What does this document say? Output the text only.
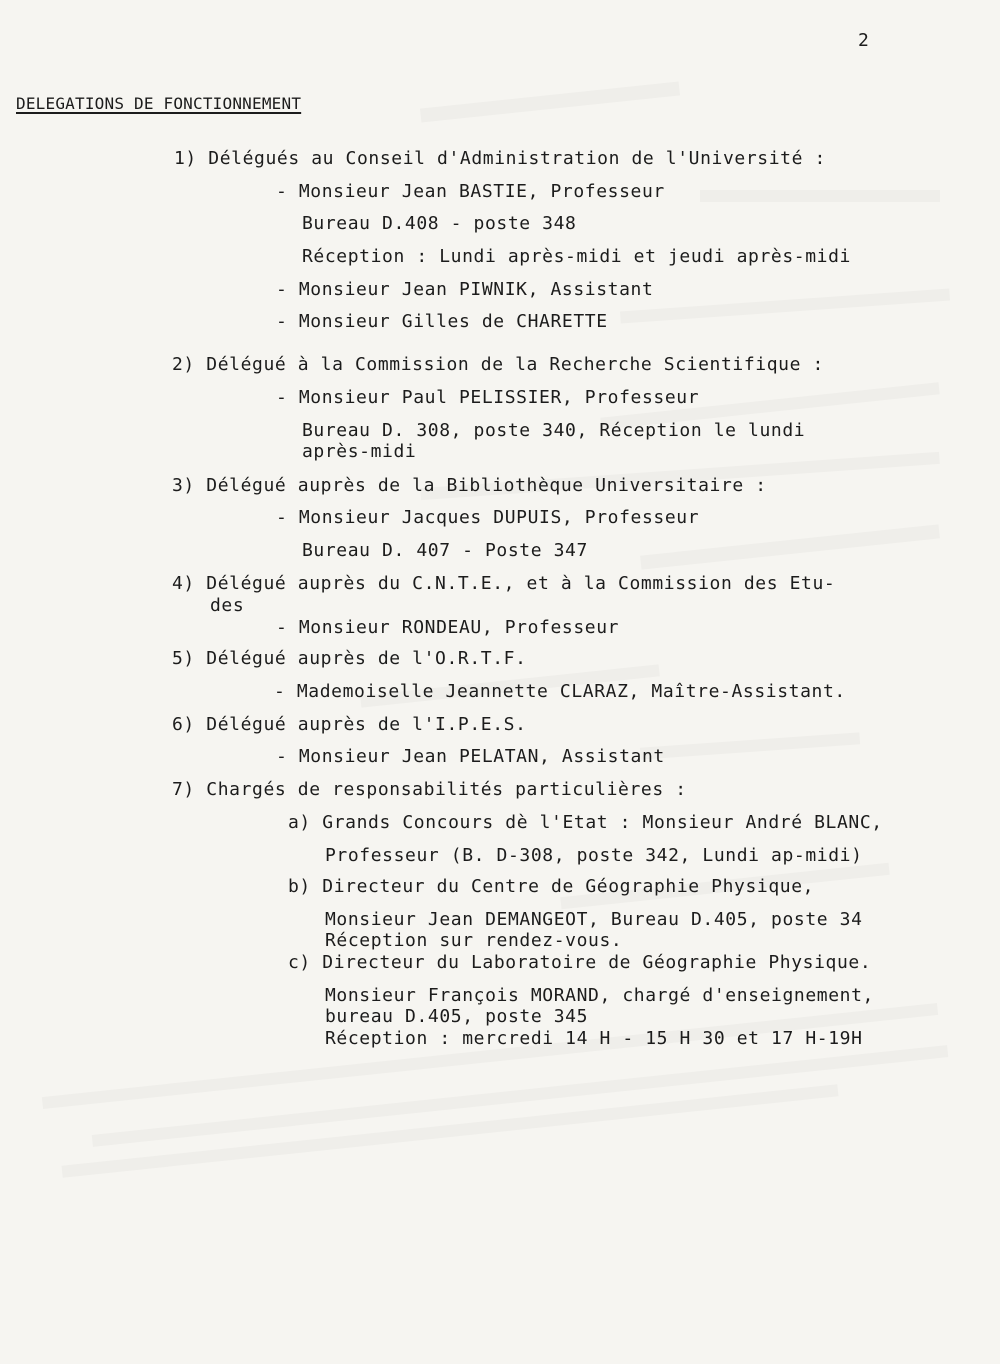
2
DELEGATIONS DE FONCTIONNEMENT
1) Délégués au Conseil d'Administration de l'Université :
- Monsieur Jean BASTIE, Professeur
Bureau D.408 - poste 348
Réception : Lundi après-midi et jeudi après-midi
- Monsieur Jean PIWNIK, Assistant
- Monsieur Gilles de CHARETTE
2) Délégué à la Commission de la Recherche Scientifique :
- Monsieur Paul PELISSIER, Professeur
Bureau D. 308, poste 340, Réception le lundi
après-midi
3) Délégué auprès de la Bibliothèque Universitaire :
- Monsieur Jacques DUPUIS, Professeur
Bureau D. 407 - Poste 347
4) Délégué auprès du C.N.T.E., et à la Commission des Etu-
des
- Monsieur RONDEAU, Professeur
5) Délégué auprès de l'O.R.T.F.
- Mademoiselle Jeannette CLARAZ, Maître-Assistant.
6) Délégué auprès de l'I.P.E.S.
- Monsieur Jean PELATAN, Assistant
7) Chargés de responsabilités particulières :
a) Grands Concours dè l'Etat : Monsieur André BLANC,
Professeur (B. D-308, poste 342, Lundi ap-midi)
b) Directeur du Centre de Géographie Physique,
Monsieur Jean DEMANGEOT, Bureau D.405, poste 34
Réception sur rendez-vous.
c) Directeur du Laboratoire de Géographie Physique.
Monsieur François MORAND, chargé d'enseignement,
bureau D.405, poste 345
Réception : mercredi 14 H - 15 H 30 et 17 H-19H
